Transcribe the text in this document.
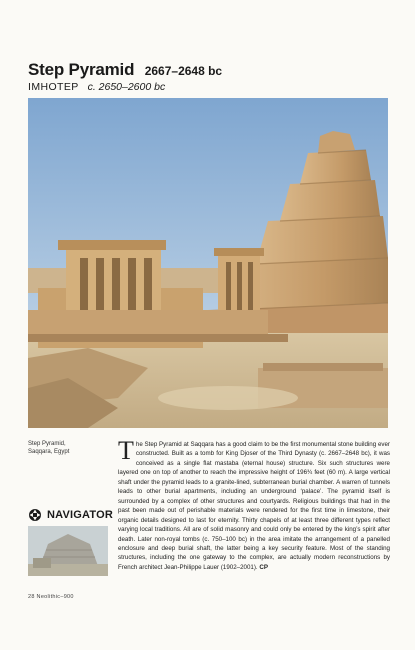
Step Pyramid 2667–2648 bc
IMHOTEP c. 2650–2600 bc
Step Pyramid,
Saqqara, Egypt
NAVIGATOR
The Step Pyramid at Saqqara has a good claim to be the first monumental stone building ever constructed. Built as a tomb for King Djoser of the Third Dynasty (c. 2667–2648 bc), it was conceived as a single flat mastaba (eternal house) structure. Six such structures were layered one on top of another to reach the impressive height of 196¾ feet (60 m). A large vertical shaft under the pyramid leads to a granite-lined, subterranean burial chamber. A warren of tunnels leads to other burial apartments, including an underground ‘palace’. The pyramid itself is surrounded by a complex of other structures and courtyards. Religious buildings that had in the past been made out of perishable materials were rendered for the first time in limestone, their organic details designed to last for eternity. Thirty chapels of at least three different types reflect varying local traditions. All are of solid masonry and could only be entered by the king’s spirit after death. Later non-royal tombs (c. 750–100 bc) in the area imitate the arrangement of a panelled enclosure and deep burial shaft, the latter being a key security feature. Most of the standing structures, including the one gateway to the complex, are actually modern reconstructions by French architect Jean-Philippe Lauer (1902–2001). CP
28 Neolithic–900
